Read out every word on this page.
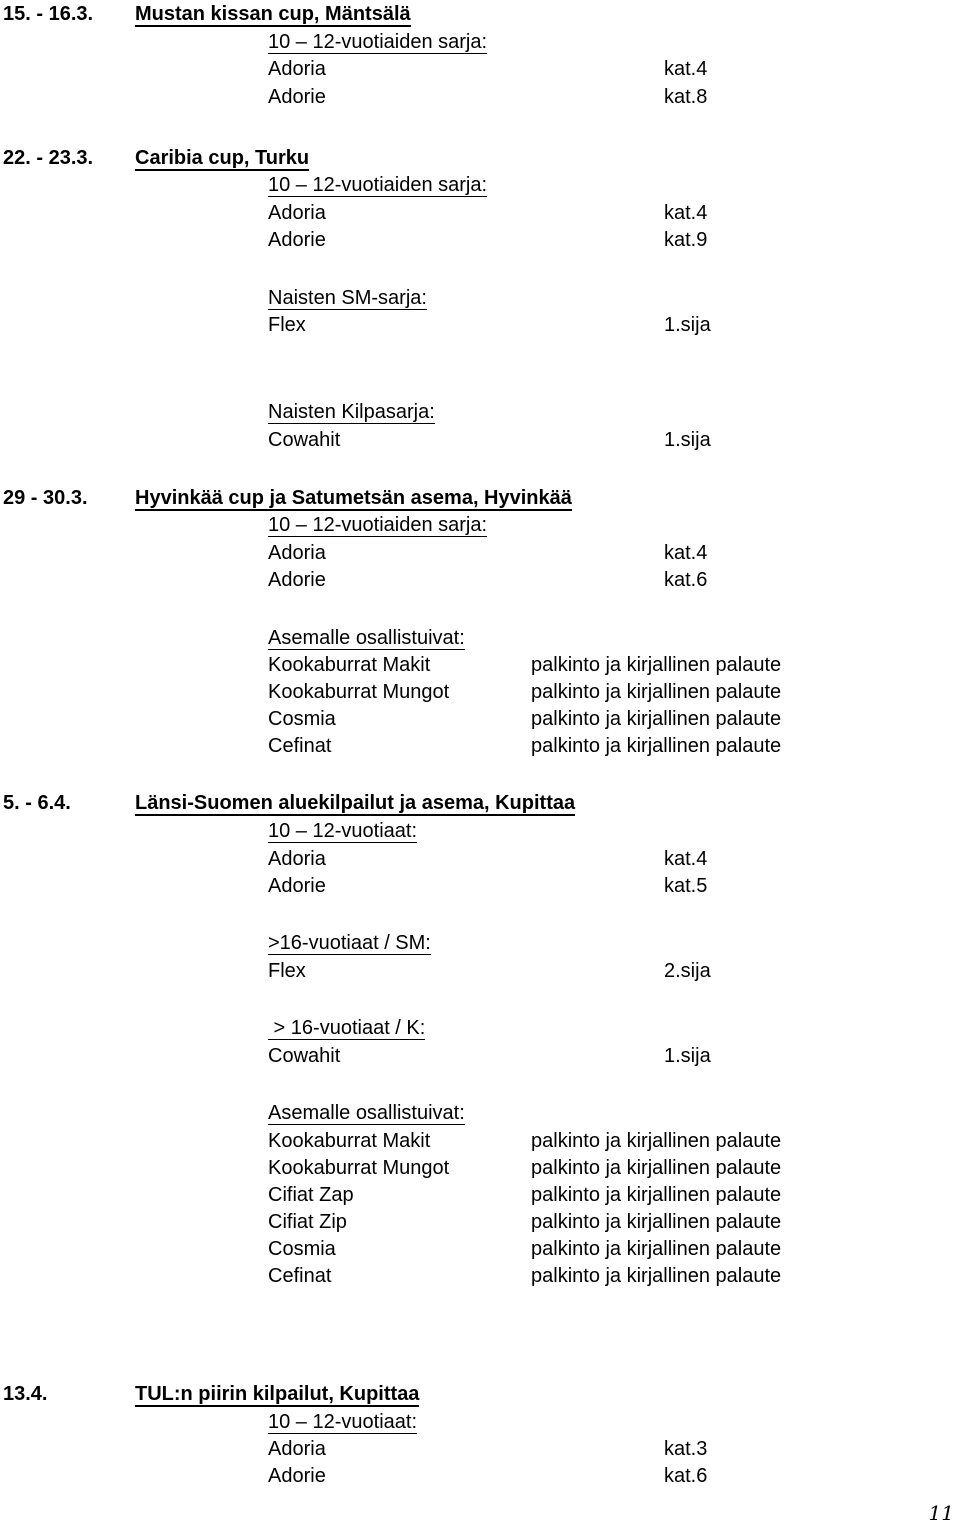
15. - 16.3. Mustan kissan cup, Mäntsälä
10 – 12-vuotiaiden sarja:
Adoria	kat.4
Adorie	kat.8
22. - 23.3. Caribia cup, Turku
10 – 12-vuotiaiden sarja:
Adoria	kat.4
Adorie	kat.9
Naisten SM-sarja:
Flex	1.sija
Naisten Kilpasarja:
Cowahit	1.sija
29 - 30.3. Hyvinkää cup ja Satumetsän asema, Hyvinkää
10 – 12-vuotiaiden sarja:
Adoria	kat.4
Adorie	kat.6
Asemalle osallistuivat:
Kookaburrat Makit	palkinto ja kirjallinen palaute
Kookaburrat Mungot	palkinto ja kirjallinen palaute
Cosmia	palkinto ja kirjallinen palaute
Cefinat	palkinto ja kirjallinen palaute
5. - 6.4.	Länsi-Suomen aluekilpailut ja asema, Kupittaa
10 – 12-vuotiaat:
Adoria	kat.4
Adorie	kat.5
>16-vuotiaat / SM:
Flex	2.sija
> 16-vuotiaat / K:
Cowahit	1.sija
Asemalle osallistuivat:
Kookaburrat Makit	palkinto ja kirjallinen palaute
Kookaburrat Mungot	palkinto ja kirjallinen palaute
Cifiat Zap	palkinto ja kirjallinen palaute
Cifiat Zip	palkinto ja kirjallinen palaute
Cosmia	palkinto ja kirjallinen palaute
Cefinat	palkinto ja kirjallinen palaute
13.4.	TUL:n piirin kilpailut, Kupittaa
10 – 12-vuotiaat:
Adoria	kat.3
Adorie	kat.6
11
